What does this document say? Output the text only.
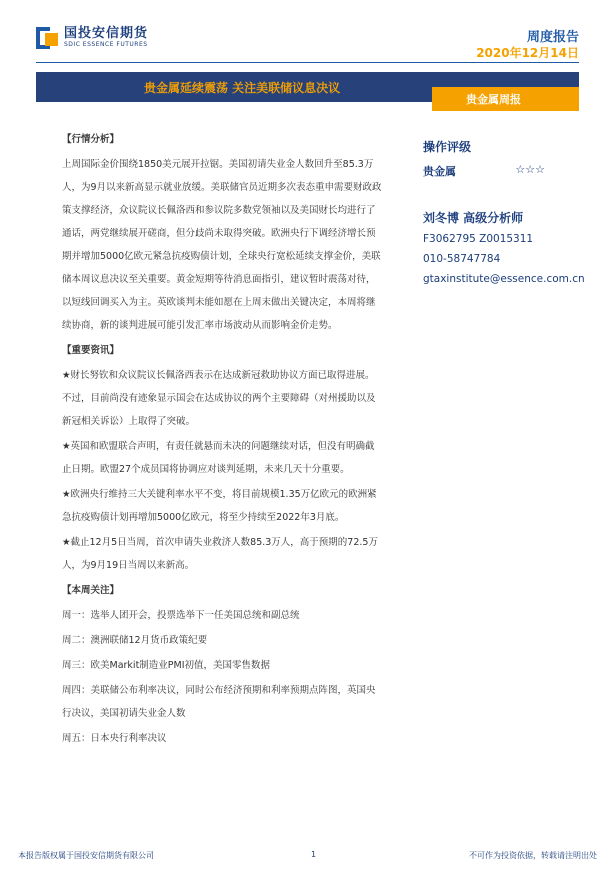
国投安信期货
SDIC ESSENCE FUTURES	周度报告
2020年12月14日
贵金属延续震荡 关注美联储议息决议
贵金属周报

【行情分析】

上周国际金价围绕1850美元展开拉锯。美国初请失业金人数回升至85.3万人，为9月以来新高显示就业放缓。美联储官员近期多次表态重申需要财政政策支撑经济，众议院议长佩洛西和参议院多数党领袖以及美国财长均进行了通话，两党继续展开磋商，但分歧尚未取得突破。欧洲央行下调经济增长预期并增加5000亿欧元紧急抗疫购债计划，全球央行宽松延续支撑金价，美联储本周议息决议至关重要。黄金短期等待消息面指引，建议暂时震荡对待，以短线回调买入为主。英欧谈判未能如愿在上周末做出关键决定，本周将继续协商，新的谈判进展可能引发汇率市场波动从而影响金价走势。

【重要资讯】

★财长努钦和众议院议长佩洛西表示在达成新冠救助协议方面已取得进展。不过，目前尚没有迹象显示国会在达成协议的两个主要障碍（对州援助以及新冠相关诉讼）上取得了突破。

★英国和欧盟联合声明，有责任就悬而未决的问题继续对话，但没有明确截止日期。欧盟27个成员国将协调应对谈判延期，未来几天十分重要。

★欧洲央行维持三大关键利率水平不变，将目前规模1.35万亿欧元的欧洲紧急抗疫购债计划再增加5000亿欧元，将至少持续至2022年3月底。

★截止12月5日当周，首次申请失业救济人数85.3万人，高于预期的72.5万人，为9月19日当周以来新高。

【本周关注】

周一：选举人团开会，投票选举下一任美国总统和副总统

周二：澳洲联储12月货币政策纪要

周三：欧美Markit制造业PMI初值，美国零售数据

周四：美联储公布利率决议，同时公布经济预期和利率预期点阵图，英国央行决议，美国初请失业金人数

周五：日本央行利率决议

操作评级
贵金属	☆☆☆
刘冬博 高级分析师
F3062795 Z0015311
010-58747784
gtaxinstitute@essence.com.cn
本报告版权属于国投安信期货有限公司	1	不可作为投资依据，转载请注明出处
